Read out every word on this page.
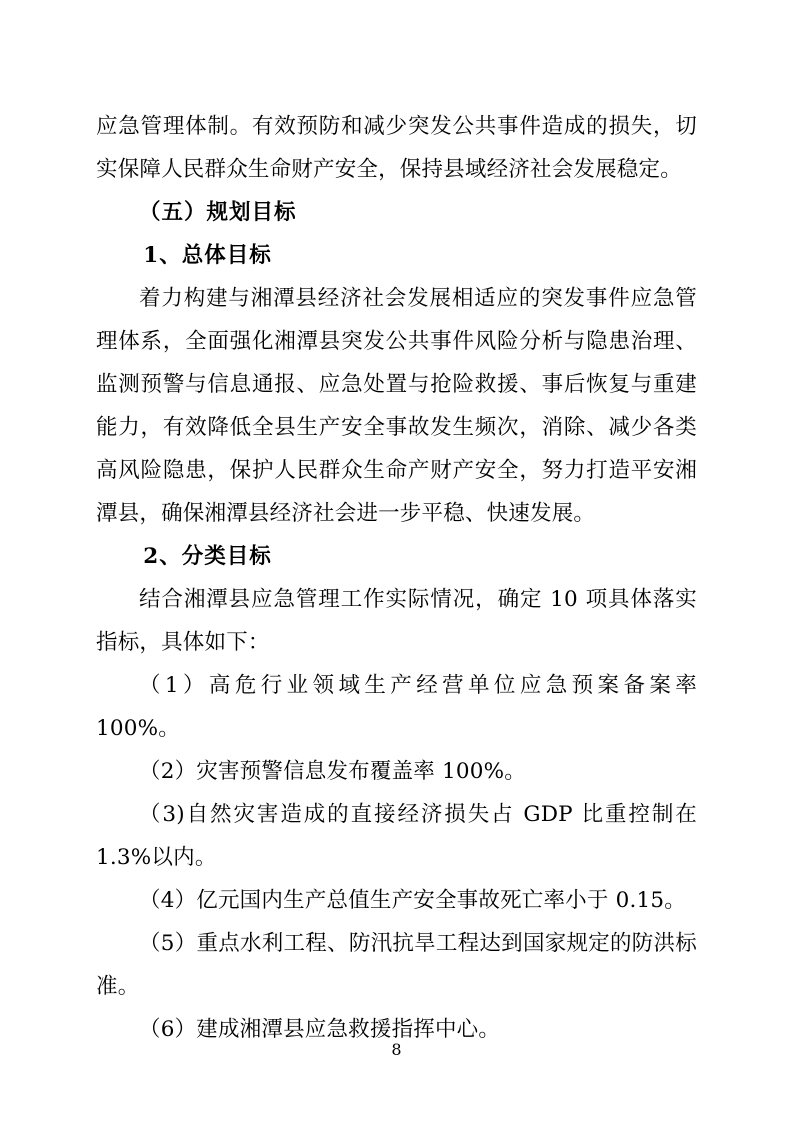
应急管理体制。有效预防和减少突发公共事件造成的损失，切实保障人民群众生命财产安全，保持县域经济社会发展稳定。

（五）规划目标

1、总体目标

着力构建与湘潭县经济社会发展相适应的突发事件应急管理体系，全面强化湘潭县突发公共事件风险分析与隐患治理、监测预警与信息通报、应急处置与抢险救援、事后恢复与重建能力，有效降低全县生产安全事故发生频次，消除、减少各类高风险隐患，保护人民群众生命产财产安全，努力打造平安湘潭县，确保湘潭县经济社会进一步平稳、快速发展。

2、分类目标

结合湘潭县应急管理工作实际情况，确定 10 项具体落实指标，具体如下：

（1）高危行业领域生产经营单位应急预案备案率 100%。

（2）灾害预警信息发布覆盖率 100%。

（3)自然灾害造成的直接经济损失占 GDP 比重控制在 1.3%以内。

（4）亿元国内生产总值生产安全事故死亡率小于 0.15。

（5）重点水利工程、防汛抗旱工程达到国家规定的防洪标准。

（6）建成湘潭县应急救援指挥中心。

8
